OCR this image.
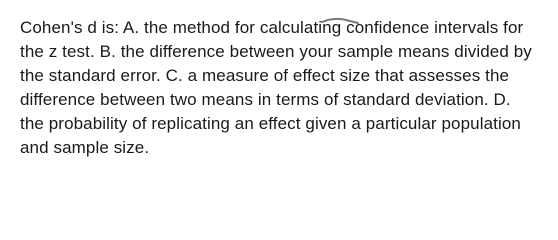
Cohen's d is: A. the method for calculating confidence intervals for the z test. B. the difference between your sample means divided by the standard error. C. a measure of effect size that assesses the difference between two means in terms of standard deviation. D. the probability of replicating an effect given a particular population and sample size.
